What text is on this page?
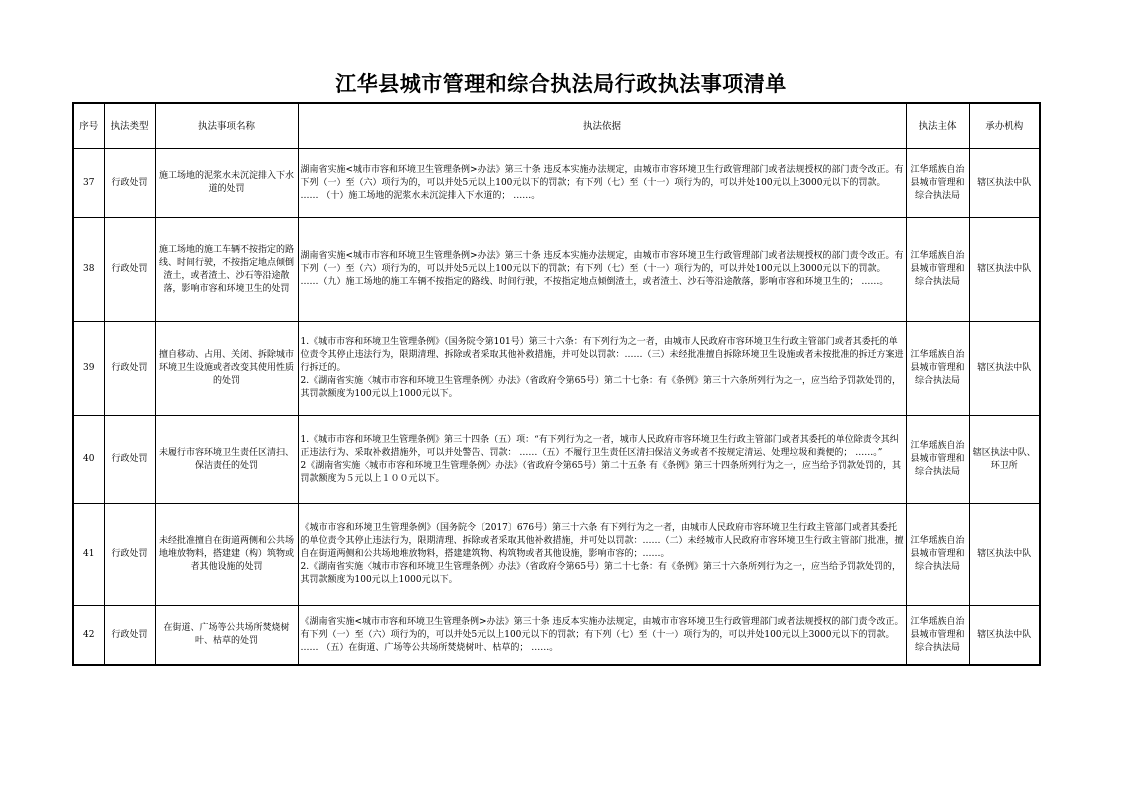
江华县城市管理和综合执法局行政执法事项清单
序号	执法类型	执法事项名称	执法依据	执法主体	承办机构
37	行政处罚	施工场地的泥浆水未沉淀排入下水道的处罚	湖南省实施<城市市容和环境卫生管理条例>办法》第三十条 违反本实施办法规定，由城市市容环境卫生行政管理部门或者法规授权的部门责令改正。有下列（一）至（六）项行为的，可以并处5元以上100元以下的罚款；有下列（七）至（十一）项行为的，可以并处100元以上3000元以下的罚款。 …… （十）施工场地的泥浆水未沉淀排入下水道的； ……。	江华瑶族自治县城市管理和综合执法局	辖区执法中队
38	行政处罚	施工场地的施工车辆不按指定的路线、时间行驶，不按指定地点倾倒渣土，或者渣土、沙石等沿途散落，影响市容和环境卫生的处罚	湖南省实施<城市市容和环境卫生管理条例>办法》第三十条 违反本实施办法规定，由城市市容环境卫生行政管理部门或者法规授权的部门责令改正。有下列（一）至（六）项行为的，可以并处5元以上100元以下的罚款；有下列（七）至（十一）项行为的，可以并处100元以上3000元以下的罚款。 ……（九）施工场地的施工车辆不按指定的路线、时间行驶，不按指定地点倾倒渣土，或者渣土、沙石等沿途散落，影响市容和环境卫生的； ……。	江华瑶族自治县城市管理和综合执法局	辖区执法中队
39	行政处罚	擅自移动、占用、关闭、拆除城市环境卫生设施或者改变其使用性质的处罚	1.《城市市容和环境卫生管理条例》（国务院令第101号）第三十六条：有下列行为之一者，由城市人民政府市容环境卫生行政主管部门或者其委托的单位责令其停止违法行为，限期清理、拆除或者采取其他补救措施，并可处以罚款：……（三）未经批准擅自拆除环境卫生设施或者未按批准的拆迁方案进行拆迁的。
2.《湖南省实施〈城市市容和环境卫生管理条例〉办法》（省政府令第65号）第二十七条：有《条例》第三十六条所列行为之一，应当给予罚款处罚的，其罚款额度为100元以上1000元以下。	江华瑶族自治县城市管理和综合执法局	辖区执法中队
40	行政处罚	未履行市容环境卫生责任区清扫、保洁责任的处罚	1.《城市市容和环境卫生管理条例》第三十四条（五）项：“有下列行为之一者，城市人民政府市容环境卫生行政主管部门或者其委托的单位除责令其纠正违法行为、采取补救措施外，可以并处警告、罚款： ……（五）不履行卫生责任区清扫保洁义务或者不按规定清运、处理垃圾和粪便的； ……。”
2《湖南省实施〈城市市容和环境卫生管理条例〉办法》（省政府令第65号）第二十五条 有《条例》第三十四条所列行为之一，应当给予罚款处罚的，其罚款额度为５元以上１００元以下。	江华瑶族自治县城市管理和综合执法局	辖区执法中队、环卫所
41	行政处罚	未经批准擅自在街道两侧和公共场地堆放物料，搭建建（构）筑物或者其他设施的处罚	《城市市容和环境卫生管理条例》（国务院令〔2017〕676号）第三十六条 有下列行为之一者，由城市人民政府市容环境卫生行政主管部门或者其委托的单位责令其停止违法行为，限期清理、拆除或者采取其他补救措施，并可处以罚款：……（二）未经城市人民政府市容环境卫生行政主管部门批准，擅自在街道两侧和公共场地堆放物料，搭建建筑物、构筑物或者其他设施，影响市容的；……。
2.《湖南省实施〈城市市容和环境卫生管理条例〉办法》（省政府令第65号）第二十七条：有《条例》第三十六条所列行为之一，应当给予罚款处罚的，其罚款额度为100元以上1000元以下。	江华瑶族自治县城市管理和综合执法局	辖区执法中队
42	行政处罚	在街道、广场等公共场所焚烧树叶、枯草的处罚	《湖南省实施<城市市容和环境卫生管理条例>办法》第三十条 违反本实施办法规定，由城市市容环境卫生行政管理部门或者法规授权的部门责令改正。有下列（一）至（六）项行为的，可以并处5元以上100元以下的罚款；有下列（七）至（十一）项行为的，可以并处100元以上3000元以下的罚款。 …… （五）在街道、广场等公共场所焚烧树叶、枯草的； ……。	江华瑶族自治县城市管理和综合执法局	辖区执法中队
